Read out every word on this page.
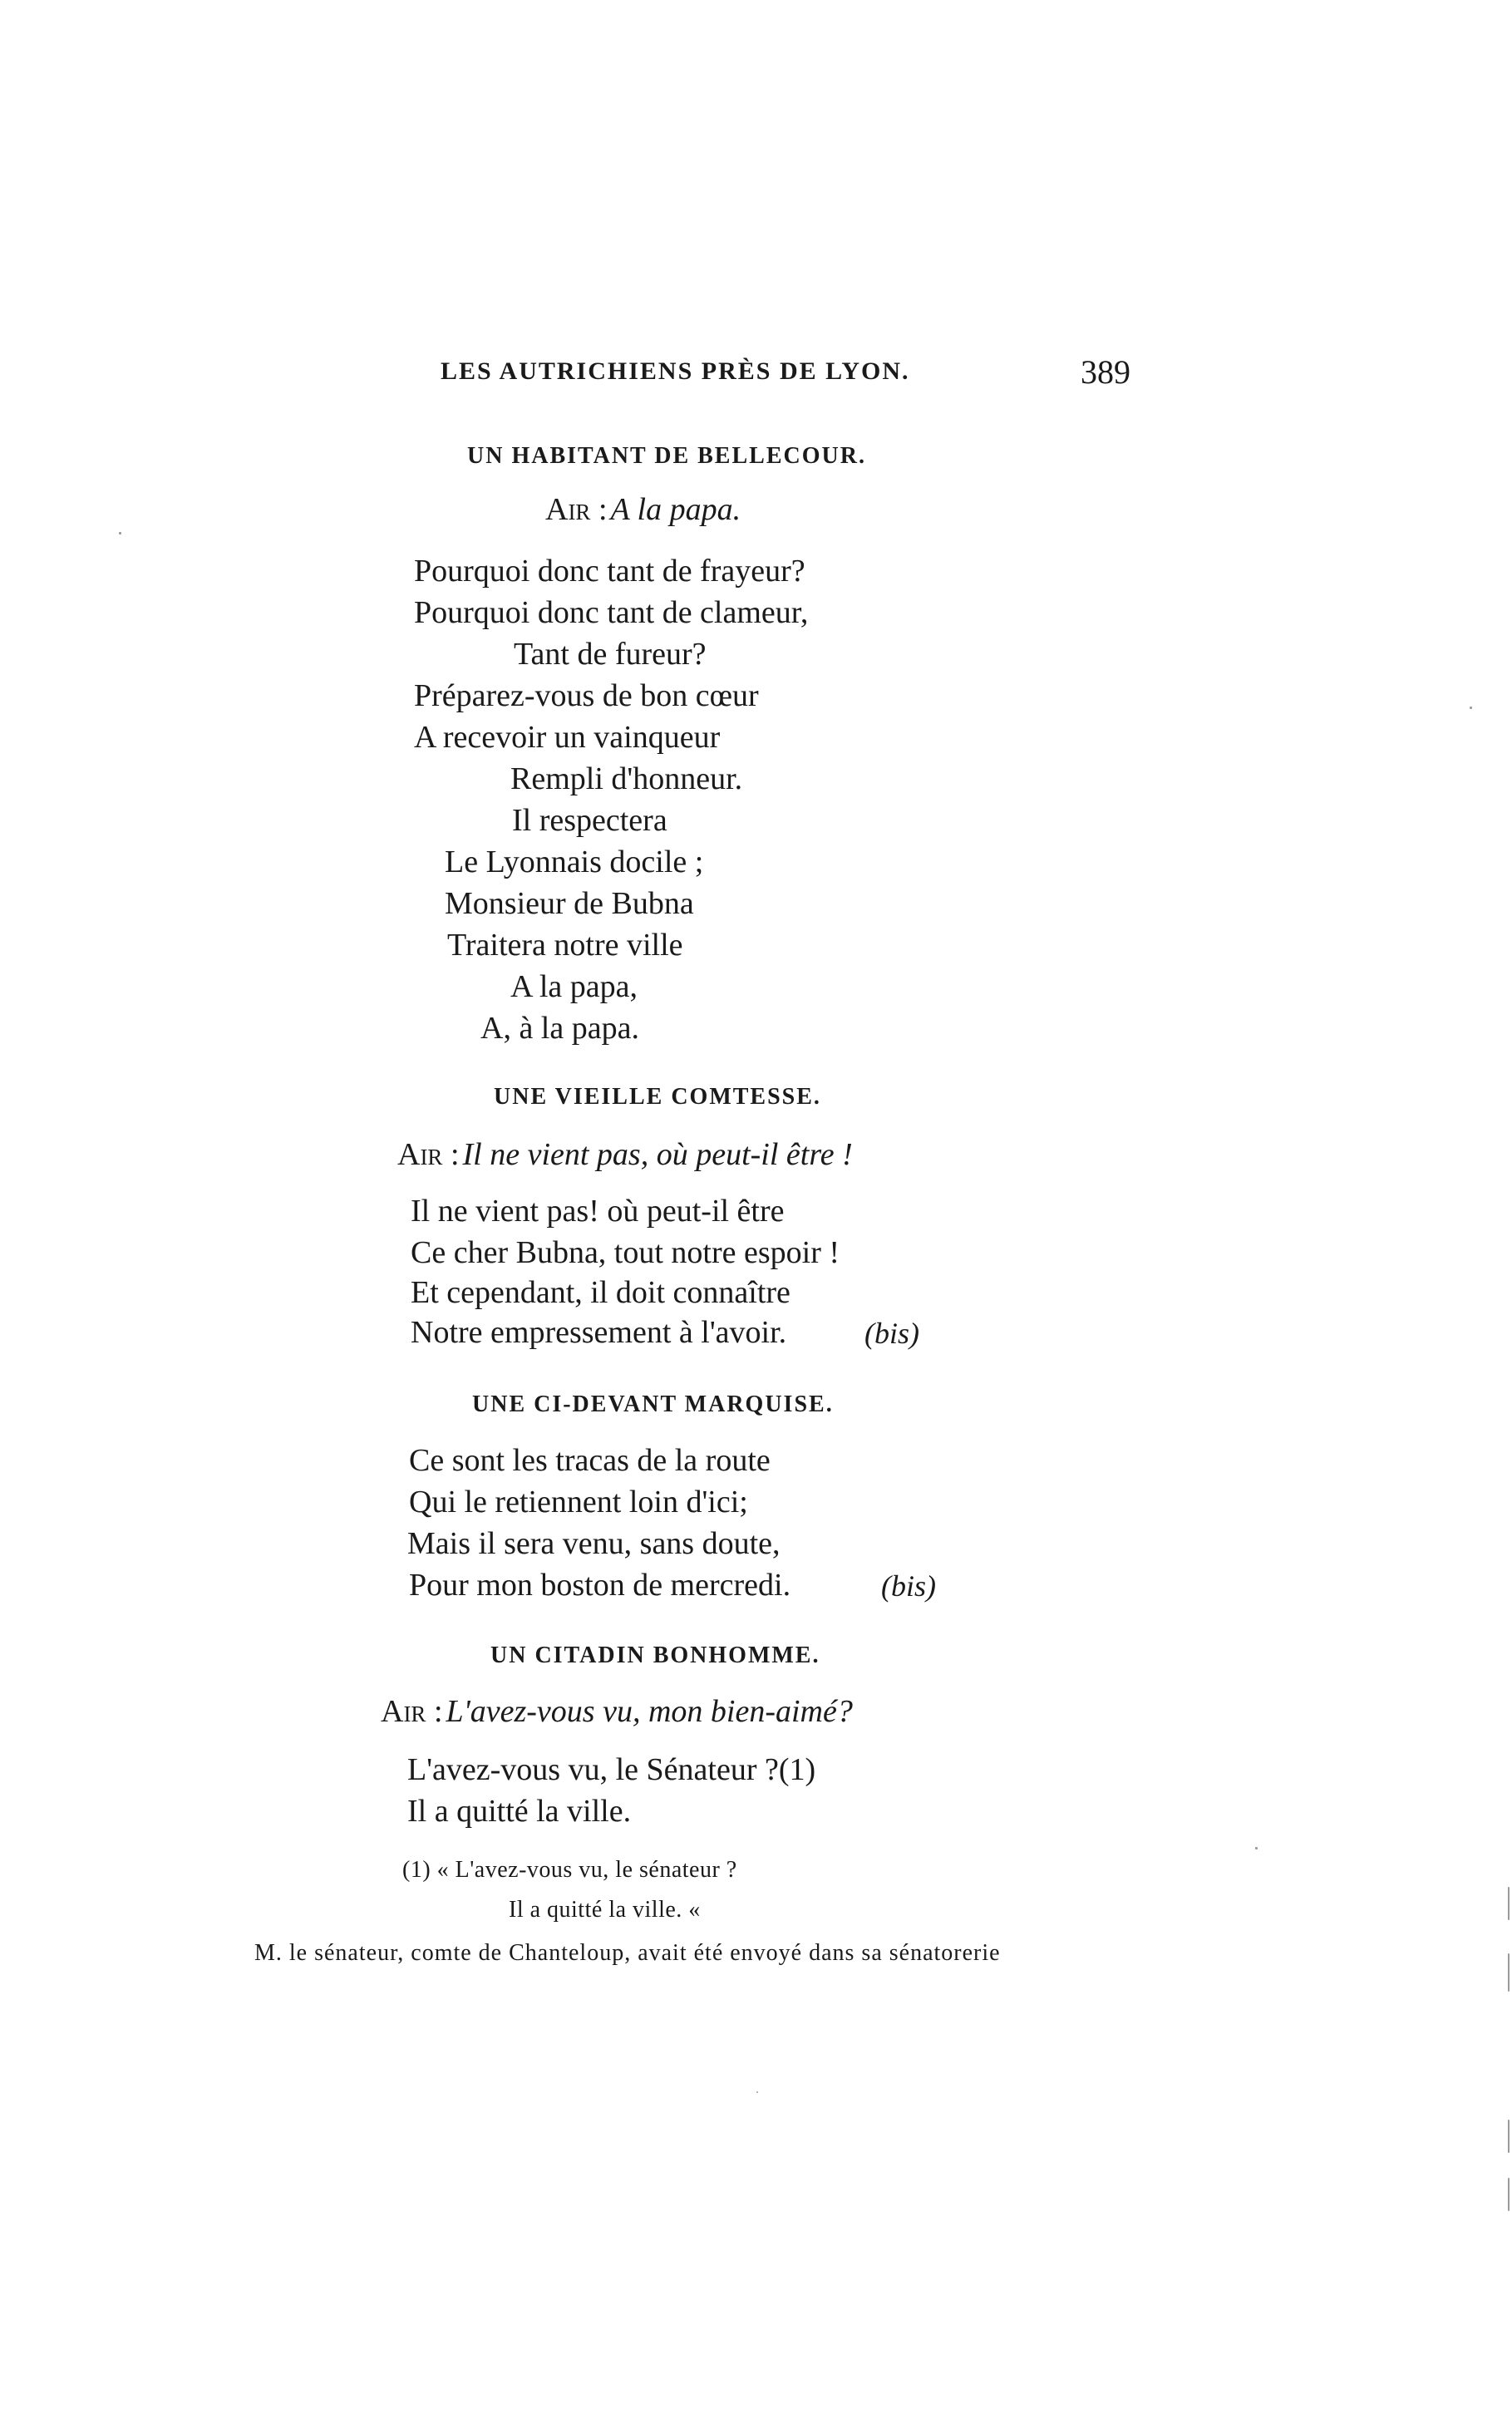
LES AUTRICHIENS PRÈS DE LYON.	389
UN HABITANT DE BELLECOUR.
Air : A la papa.
Pourquoi donc tant de frayeur?
Pourquoi donc tant de clameur,
Tant de fureur?
Préparez-vous de bon cœur
A recevoir un vainqueur
Rempli d'honneur.
Il respectera
Le Lyonnais docile ;
Monsieur de Bubna
Traitera notre ville
A la papa,
A, à la papa.
UNE VIEILLE COMTESSE.
Air : Il ne vient pas, où peut-il être !
Il ne vient pas! où peut-il être
Ce cher Bubna, tout notre espoir !
Et cependant, il doit connaître
Notre empressement à l'avoir.	(bis)
UNE CI-DEVANT MARQUISE.
Ce sont les tracas de la route
Qui le retiennent loin d'ici;
Mais il sera venu, sans doute,
Pour mon boston de mercredi.	(bis)
UN CITADIN BONHOMME.
Air : L'avez-vous vu, mon bien-aimé?
L'avez-vous vu, le Sénateur ?(1)
Il a quitté la ville.
(1) « L'avez-vous vu, le sénateur ?
Il a quitté la ville. «
M. le sénateur, comte de Chanteloup, avait été envoyé dans sa sénatorerie
